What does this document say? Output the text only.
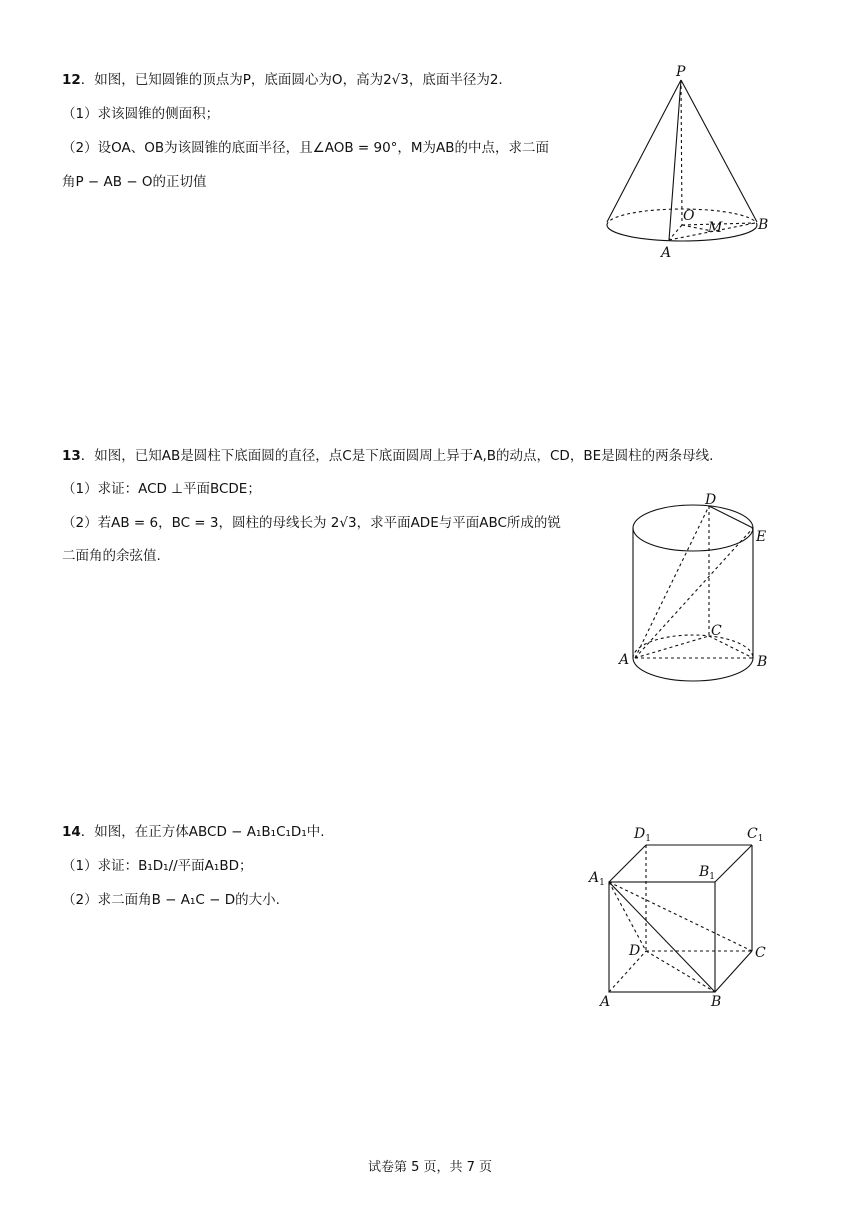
12．如图，已知圆锥的顶点为P，底面圆心为O，高为2√3，底面半径为2.
（1）求该圆锥的侧面积；
（2）设OA、OB为该圆锥的底面半径，且∠AOB = 90°，M为AB的中点，求二面
角P − AB − O的正切值
P
O
M
A
B
13．如图，已知AB是圆柱下底面圆的直径，点C是下底面圆周上异于A,B的动点，CD，BE是圆柱的两条母线.
（1）求证：ACD ⊥平面BCDE；
（2）若AB = 6，BC = 3，圆柱的母线长为 2√3，求平面ADE与平面ABC所成的锐
二面角的余弦值.
D
E
C
A	B
14．如图，在正方体ABCD − A₁B₁C₁D₁中.
（1）求证：B₁D₁//平面A₁BD；
（2）求二面角B − A₁C − D的大小.
$D_1$	$C_1$
$A_1$
$B_1$
D	C
A	B
试卷第 5 页，共 7 页
